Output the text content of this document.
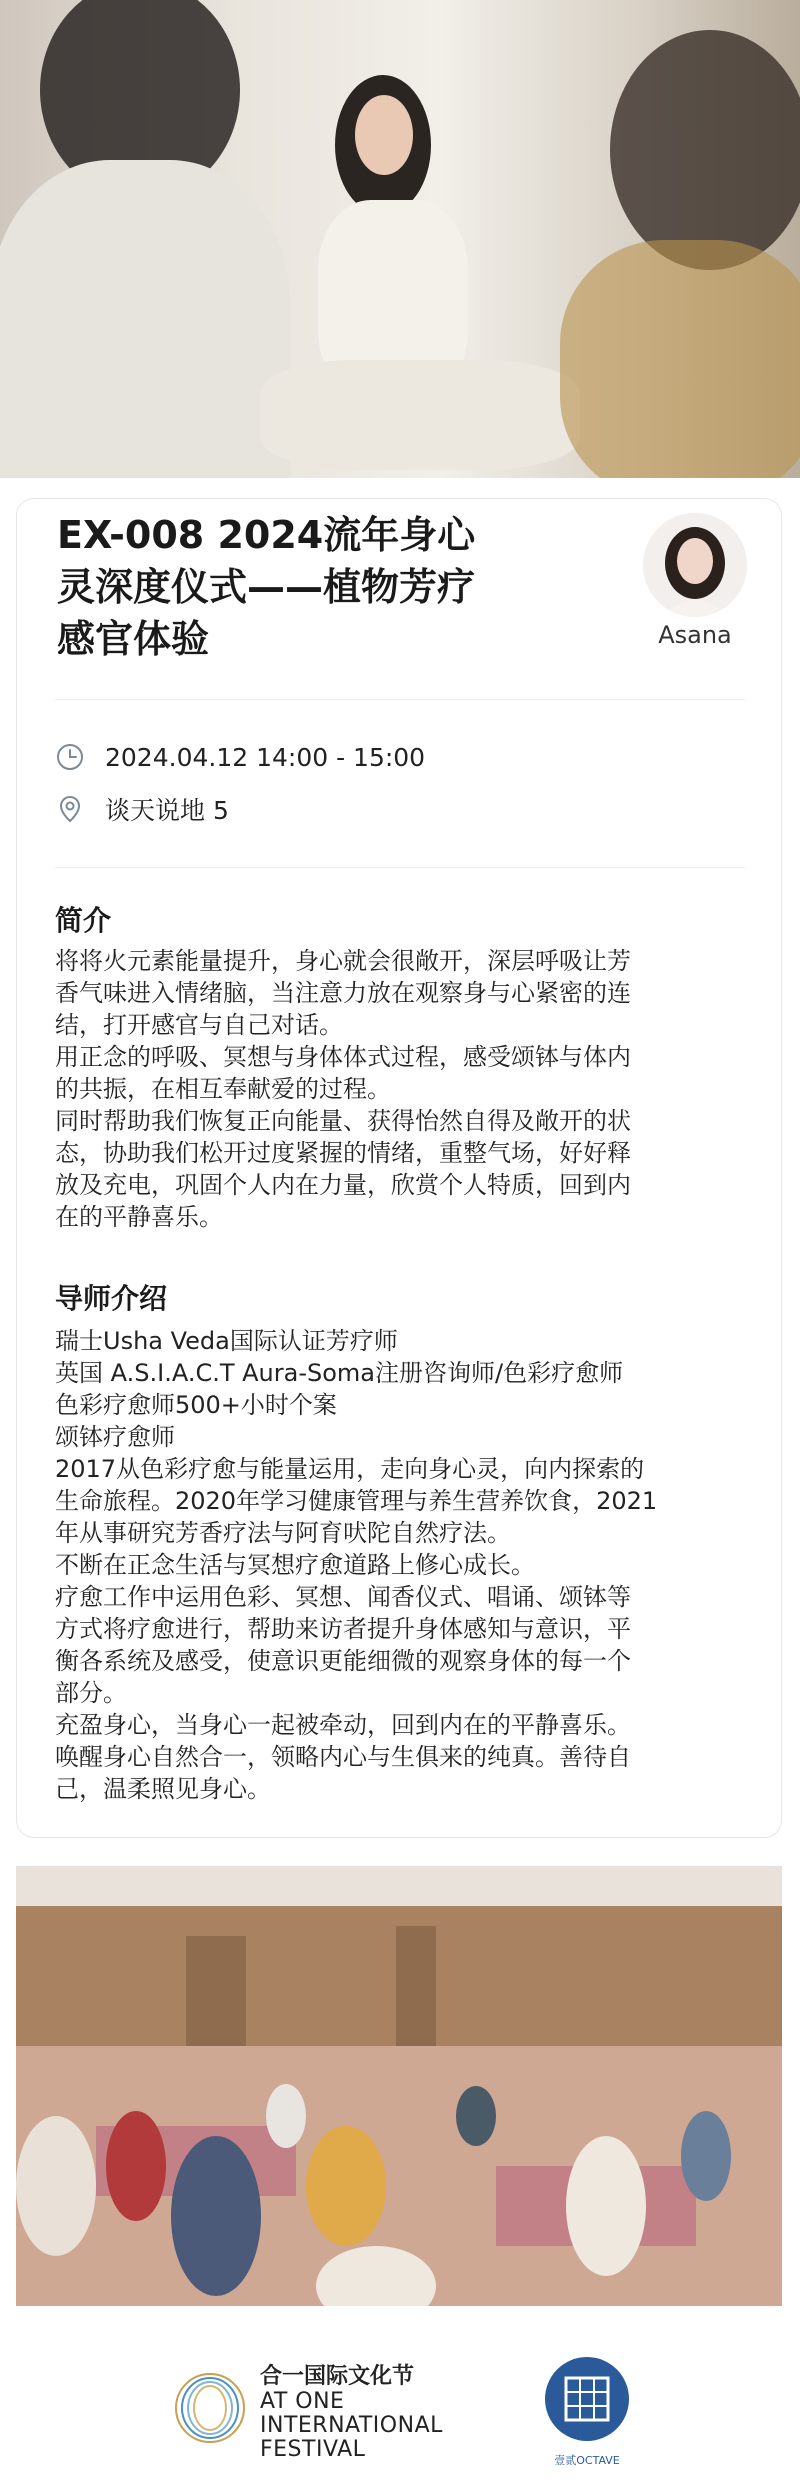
EX-008 2024流年身心
灵深度仪式——植物芳疗
感官体验	Asana
2024.04.12 14:00 - 15:00
谈天说地 5
简介

将将火元素能量提升，身心就会很敞开，深层呼吸让芳

香气味进入情绪脑，当注意力放在观察身与心紧密的连

结，打开感官与自己对话。

用正念的呼吸、冥想与身体体式过程，感受颂钵与体内

的共振，在相互奉献爱的过程。

同时帮助我们恢复正向能量、获得怡然自得及敞开的状

态，协助我们松开过度紧握的情绪，重整气场，好好释

放及充电，巩固个人内在力量，欣赏个人特质，回到内

在的平静喜乐。

导师介绍

瑞士Usha Veda国际认证芳疗师

英国 A.S.I.A.C.T Aura-Soma注册咨询师/色彩疗愈师

色彩疗愈师500+小时个案

颂钵疗愈师

2017从色彩疗愈与能量运用，走向身心灵，向内探索的

生命旅程。2020年学习健康管理与养生营养饮食，2021

年从事研究芳香疗法与阿育吠陀自然疗法。

不断在正念生活与冥想疗愈道路上修心成长。

疗愈工作中运用色彩、冥想、闻香仪式、唱诵、颂钵等

方式将疗愈进行，帮助来访者提升身体感知与意识，平

衡各系统及感受，使意识更能细微的观察身体的每一个

部分。

充盈身心，当身心一起被牵动，回到内在的平静喜乐。

唤醒身心自然合一，领略内心与生俱来的纯真。善待自

己，温柔照见身心。

合一国际文化节
AT ONE
INTERNATIONAL
FESTIVAL	壹贰OCTAVE
